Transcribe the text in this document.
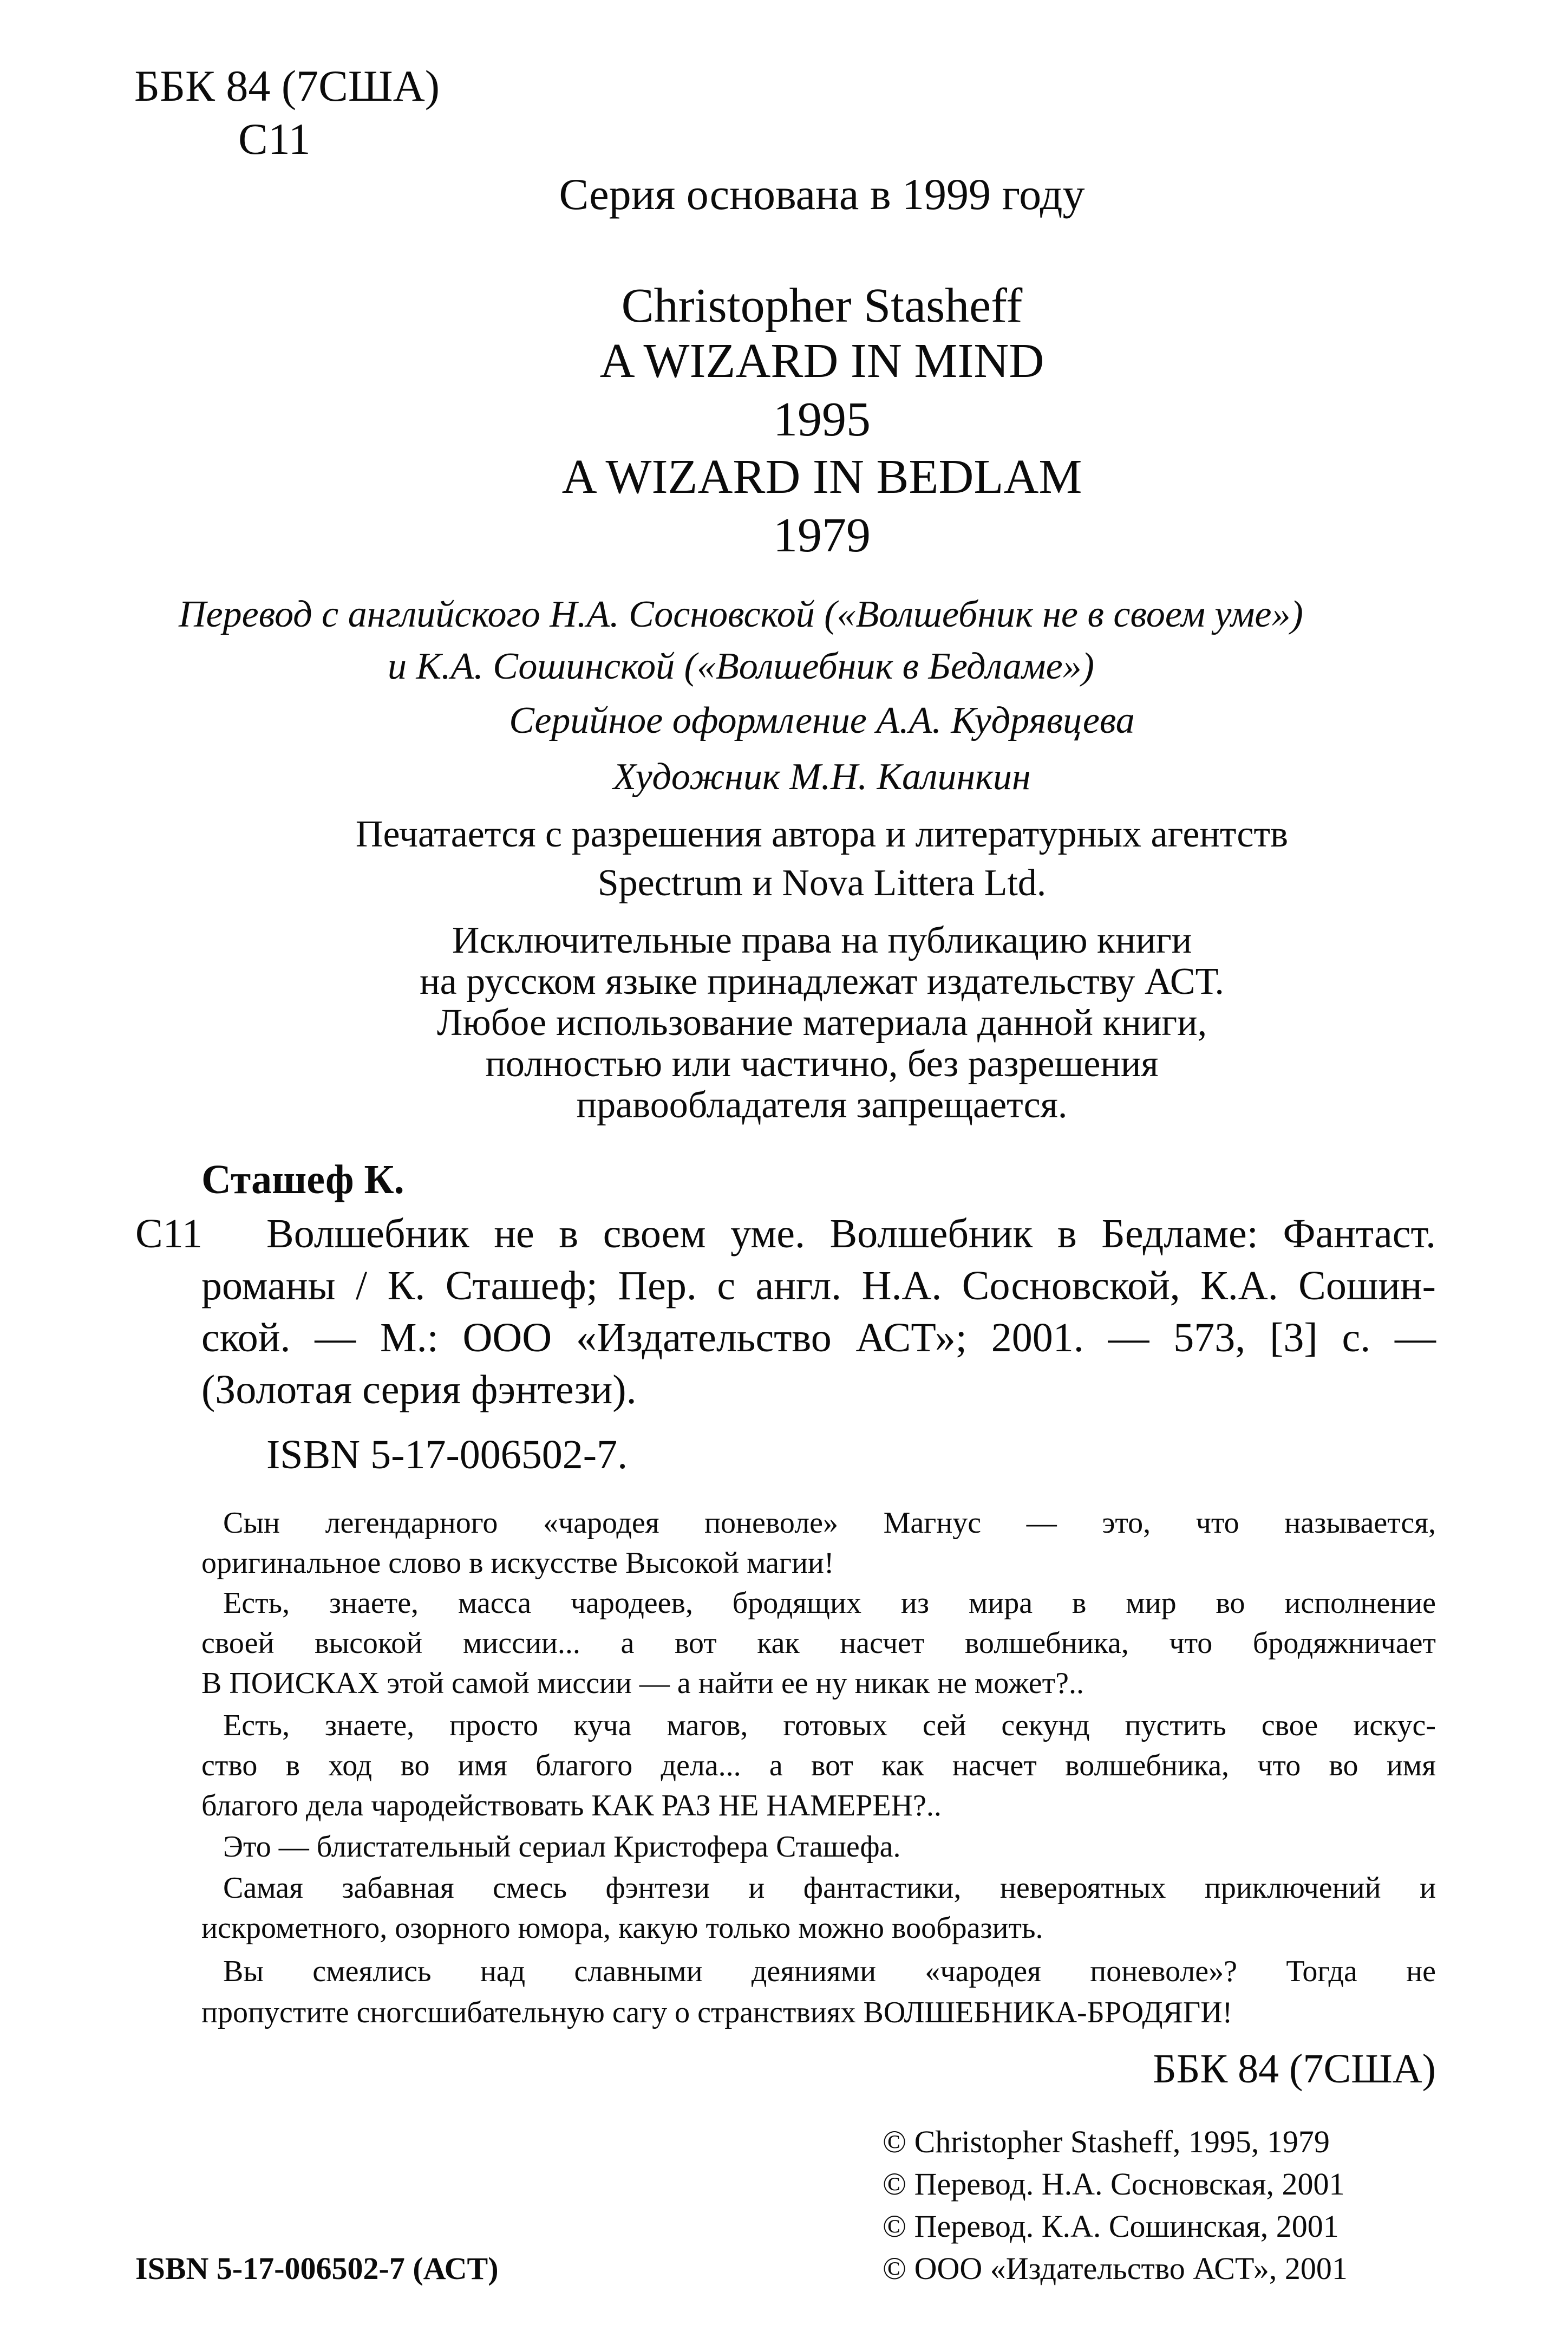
ББК 84 (7США)
С11
Серия основана в 1999 году
Christopher Stasheff
A WIZARD IN MIND
1995
A WIZARD IN BEDLAM
1979
Перевод с английского Н.А. Сосновской («Волшебник не в своем уме»)
и К.А. Сошинской («Волшебник в Бедламе»)
Серийное оформление А.А. Кудрявцева
Художник М.Н. Калинкин
Печатается с разрешения автора и литературных агентств
Spectrum и Nova Littera Ltd.
Исключительные права на публикацию книги
на русском языке принадлежат издательству АСТ.
Любое использование материала данной книги,
полностью или частично, без разрешения
правообладателя запрещается.
Сташеф К.
С11 Волшебник не в своем уме. Волшебник в Бедламе: Фантаст.
романы / К. Сташеф; Пер. с англ. Н.А. Сосновской, К.А. Сошин-
ской. — М.: ООО «Издательство АСТ»; 2001. — 573, [3] с. —
(Золотая серия фэнтези).
ISBN 5-17-006502-7.
Сын легендарного «чародея поневоле» Магнус — это, что называется,
оригинальное слово в искусстве Высокой магии!
Есть, знаете, масса чародеев, бродящих из мира в мир во исполнение
своей высокой миссии... а вот как насчет волшебника, что бродяжничает
В ПОИСКАХ этой самой миссии — а найти ее ну никак не может?..
Есть, знаете, просто куча магов, готовых сей секунд пустить свое искус-
ство в ход во имя благого дела... а вот как насчет волшебника, что во имя
благого дела чародействовать КАК РАЗ НЕ НАМЕРЕН?..
Это — блистательный сериал Кристофера Сташефа.
Самая забавная смесь фэнтези и фантастики, невероятных приключений и
искрометного, озорного юмора, какую только можно вообразить.
Вы смеялись над славными деяниями «чародея поневоле»? Тогда не
пропустите сногсшибательную сагу о странствиях ВОЛШЕБНИКА-БРОДЯГИ!
ББК 84 (7США)
© Christopher Stasheff, 1995, 1979
© Перевод. Н.А. Сосновская, 2001
© Перевод. К.А. Сошинская, 2001
© ООО «Издательство АСТ», 2001
ISBN 5-17-006502-7 (АСТ)
